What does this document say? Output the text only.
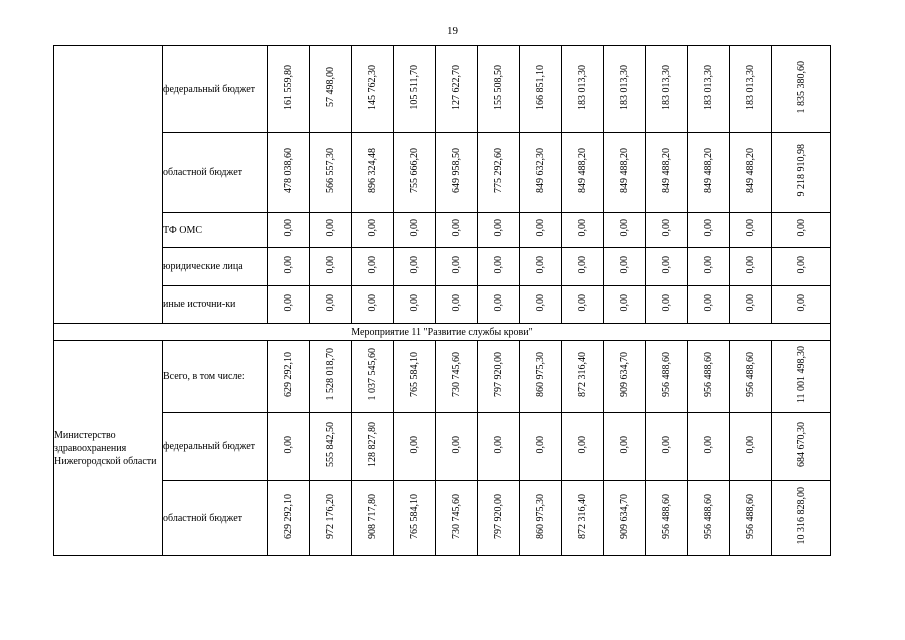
19
	федеральный бюджет	161 559,80	57 498,00	145 762,30	105 511,70	127 622,70	155 508,50	166 851,10	183 013,30	183 013,30	183 013,30	183 013,30	183 013,30	1 835 380,60
	областной бюджет	478 038,60	566 557,30	896 324,48	755 666,20	649 958,50	775 292,60	849 632,30	849 488,20	849 488,20	849 488,20	849 488,20	849 488,20	9 218 910,98
	ТФ ОМС	0,00	0,00	0,00	0,00	0,00	0,00	0,00	0,00	0,00	0,00	0,00	0,00	0,00
	юридические лица	0,00	0,00	0,00	0,00	0,00	0,00	0,00	0,00	0,00	0,00	0,00	0,00	0,00
	иные источни-ки	0,00	0,00	0,00	0,00	0,00	0,00	0,00	0,00	0,00	0,00	0,00	0,00	0,00
Мероприятие 11 "Развитие службы крови"														
Министерство здравоохранения Нижегородской области	Всего, в том числе:	629 292,10	1 528 018,70	1 037 545,60	765 584,10	730 745,60	797 920,00	860 975,30	872 316,40	909 634,70	956 488,60	956 488,60	956 488,60	11 001 498,30
	федеральный бюджет	0,00	555 842,50	128 827,80	0,00	0,00	0,00	0,00	0,00	0,00	0,00	0,00	0,00	684 670,30
	областной бюджет	629 292,10	972 176,20	908 717,80	765 584,10	730 745,60	797 920,00	860 975,30	872 316,40	909 634,70	956 488,60	956 488,60	956 488,60	10 316 828,00
